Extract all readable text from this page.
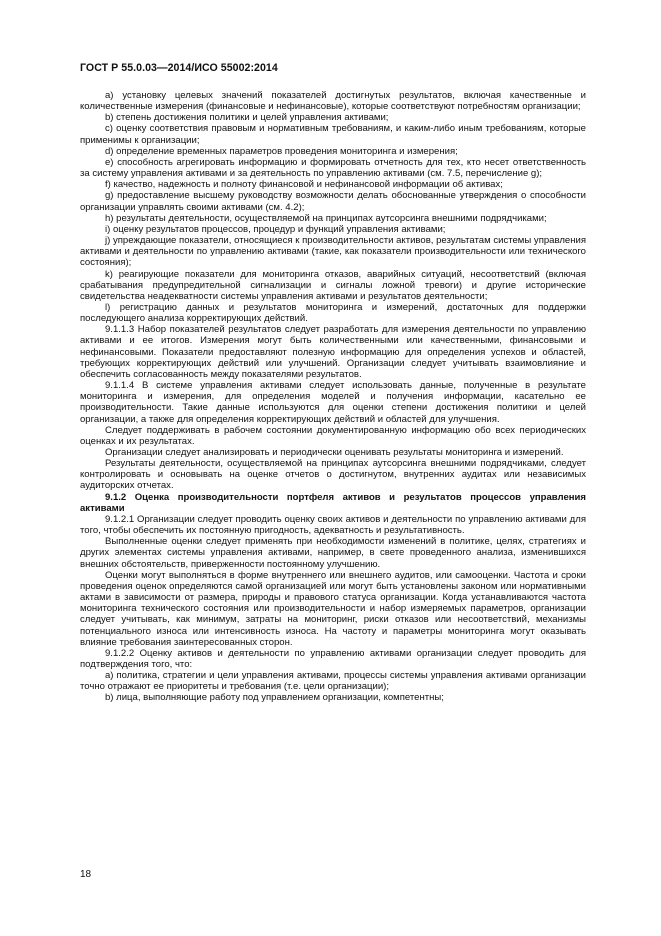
ГОСТ Р 55.0.03—2014/ИСО 55002:2014

a) установку целевых значений показателей достигнутых результатов, включая качественные и количественные измерения (финансовые и нефинансовые), которые соответствуют потребностям организации;

b) степень достижения политики и целей управления активами;

c) оценку соответствия правовым и нормативным требованиям, и каким-либо иным требованиям, которые применимы к организации;

d) определение временных параметров проведения мониторинга и измерения;

e) способность агрегировать информацию и формировать отчетность для тех, кто несет ответственность за систему управления активами и за деятельность по управлению активами (см. 7.5, перечисление g);

f) качество, надежность и полноту финансовой и нефинансовой информации об активах;

g) предоставление высшему руководству возможности делать обоснованные утверждения о способности организации управлять своими активами (см. 4.2);

h) результаты деятельности, осуществляемой на принципах аутсорсинга внешними подрядчиками;

i) оценку результатов процессов, процедур и функций управления активами;

j) упреждающие показатели, относящиеся к производительности активов, результатам системы управления активами и деятельности по управлению активами (такие, как показатели производительности или технического состояния);

k) реагирующие показатели для мониторинга отказов, аварийных ситуаций, несоответствий (включая срабатывания предупредительной сигнализации и сигналы ложной тревоги) и другие исторические свидетельства неадекватности системы управления активами и результатов деятельности;

l) регистрацию данных и результатов мониторинга и измерений, достаточных для поддержки последующего анализа корректирующих действий.

9.1.1.3 Набор показателей результатов следует разработать для измерения деятельности по управлению активами и ее итогов. Измерения могут быть количественными или качественными, финансовыми и нефинансовыми. Показатели предоставляют полезную информацию для определения успехов и областей, требующих корректирующих действий или улучшений. Организации следует учитывать взаимовлияние и обеспечить согласованность между показателями результатов.

9.1.1.4 В системе управления активами следует использовать данные, полученные в результате мониторинга и измерения, для определения моделей и получения информации, касательно ее производительности. Такие данные используются для оценки степени достижения политики и целей организации, а также для определения корректирующих действий и областей для улучшения.

Следует поддерживать в рабочем состоянии документированную информацию обо всех периодических оценках и их результатах.

Организации следует анализировать и периодически оценивать результаты мониторинга и измерений.

Результаты деятельности, осуществляемой на принципах аутсорсинга внешними подрядчиками, следует контролировать и основывать на оценке отчетов о достигнутом, внутренних аудитах или независимых аудиторских отчетах.

9.1.2 Оценка производительности портфеля активов и результатов процессов управления активами

9.1.2.1 Организации следует проводить оценку своих активов и деятельности по управлению активами для того, чтобы обеспечить их постоянную пригодность, адекватность и результативность.

Выполненные оценки следует применять при необходимости изменений в политике, целях, стратегиях и других элементах системы управления активами, например, в свете проведенного анализа, изменившихся внешних обстоятельств, приверженности постоянному улучшению.

Оценки могут выполняться в форме внутреннего или внешнего аудитов, или самооценки. Частота и сроки проведения оценок определяются самой организацией или могут быть установлены законом или нормативными актами в зависимости от размера, природы и правового статуса организации. Когда устанавливаются частота мониторинга технического состояния или производительности и набор измеряемых параметров, организации следует учитывать, как минимум, затраты на мониторинг, риски отказов или несоответствий, механизмы потенциального износа или интенсивность износа. На частоту и параметры мониторинга могут оказывать влияние требования заинтересованных сторон.

9.1.2.2 Оценку активов и деятельности по управлению активами организации следует проводить для подтверждения того, что:

a) политика, стратегии и цели управления активами, процессы системы управления активами организации точно отражают ее приоритеты и требования (т.е. цели организации);

b) лица, выполняющие работу под управлением организации, компетентны;

18
